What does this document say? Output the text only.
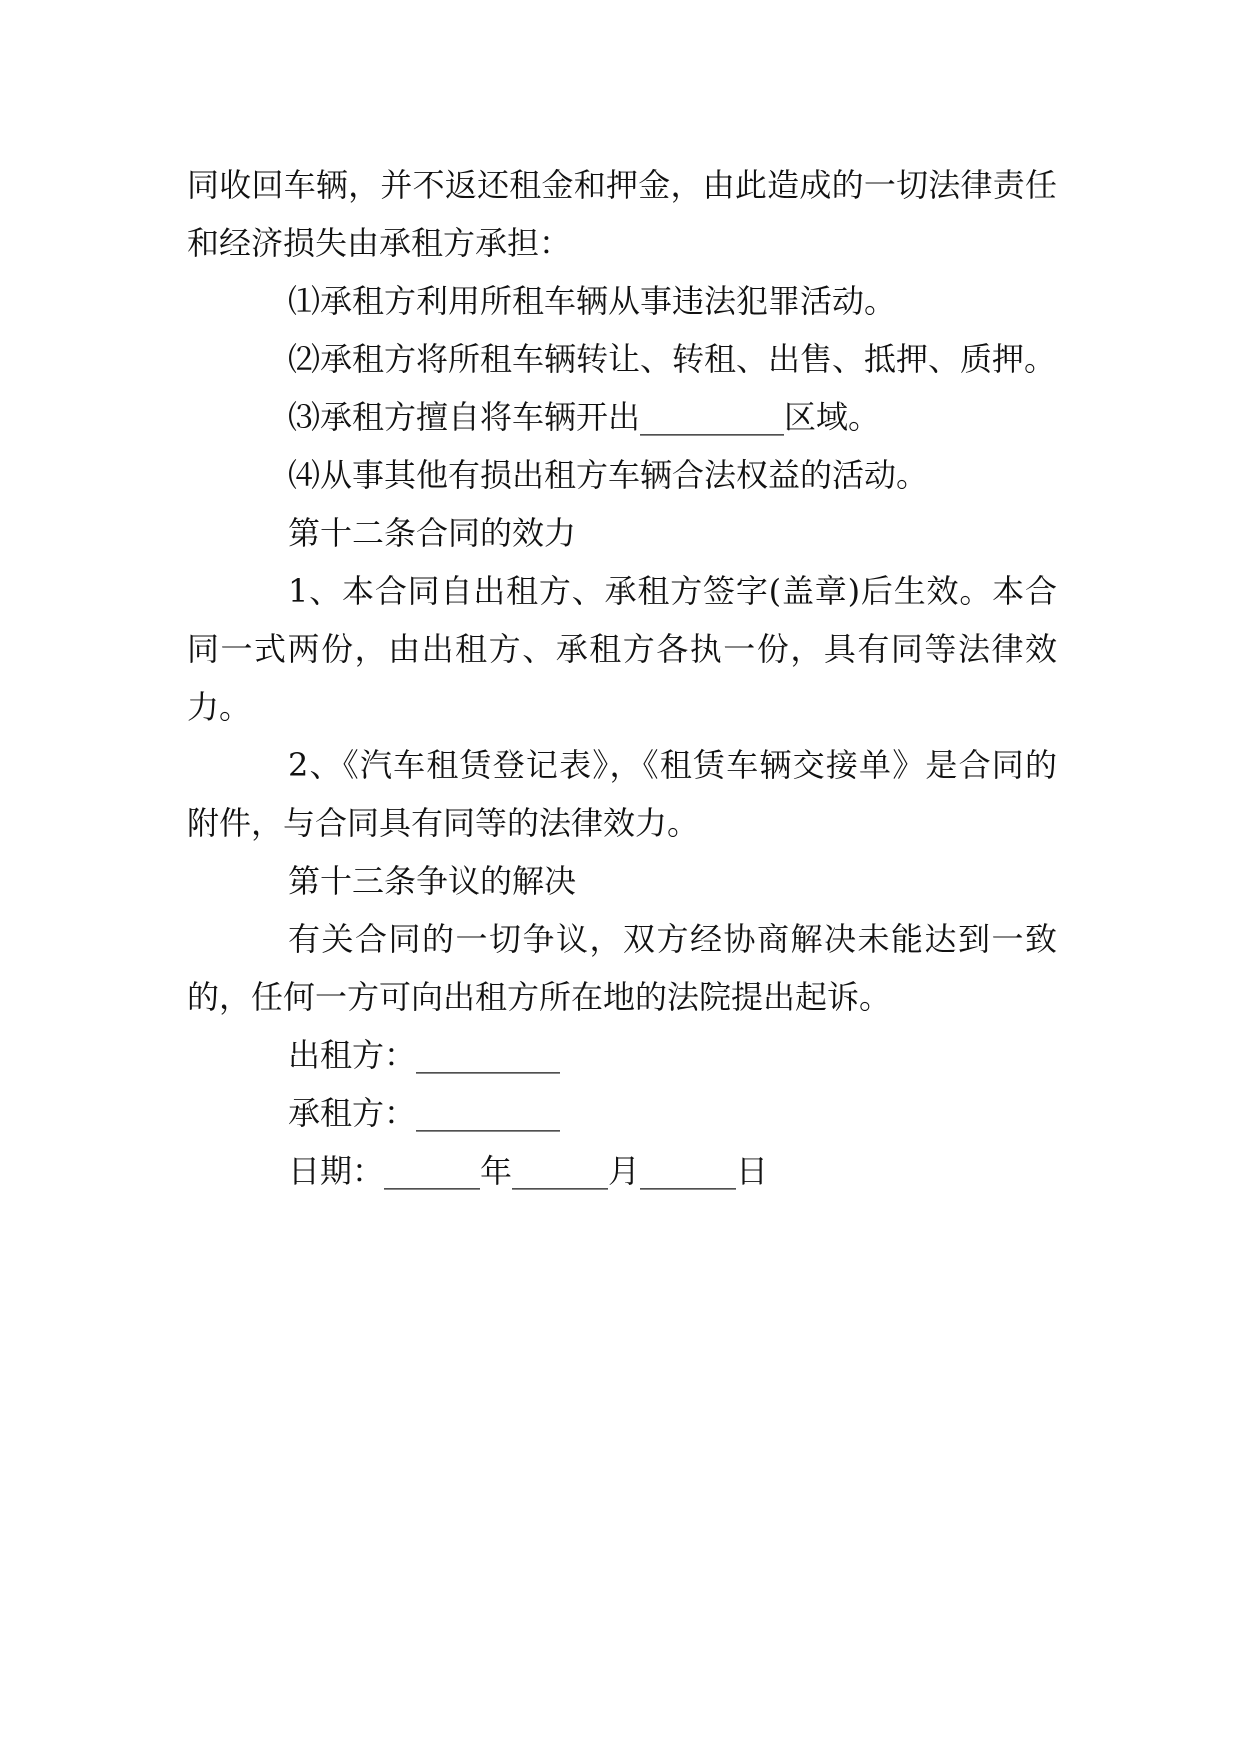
同收回车辆，并不返还租金和押金，由此造成的一切法律责任和经济损失由承租方承担：

⑴承租方利用所租车辆从事违法犯罪活动。

⑵承租方将所租车辆转让、转租、出售、抵押、质押。

⑶承租方擅自将车辆开出_________区域。

⑷从事其他有损出租方车辆合法权益的活动。

第十二条合同的效力

1、本合同自出租方、承租方签字(盖章)后生效。本合同一式两份，由出租方、承租方各执一份，具有同等法律效力。

2、《汽车租赁登记表》，《租赁车辆交接单》是合同的附件，与合同具有同等的法律效力。

第十三条争议的解决

有关合同的一切争议，双方经协商解决未能达到一致的，任何一方可向出租方所在地的法院提出起诉。

出租方：_________

承租方：_________

日期：______年______月______日
